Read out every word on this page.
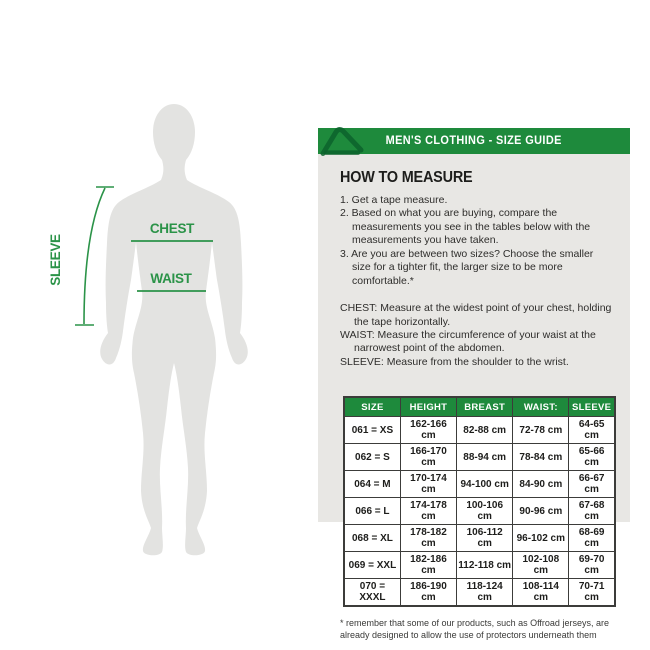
SLEEVE
CHEST
WAIST
MEN'S CLOTHING - SIZE GUIDE
HOW TO MEASURE
1. Get a tape measure.
2. Based on what you are buying, compare the measurements you see in the tables below with the measurements you have taken.
3. Are you are between two sizes? Choose the smaller size for a tighter fit, the larger size to be more comfortable.*
CHEST: Measure at the widest point of your chest, holding the tape horizontally.
WAIST: Measure the circumference of your waist at the narrowest point of the abdomen.
SLEEVE: Measure from the shoulder to the wrist.
SIZE	HEIGHT	BREAST	WAIST:	SLEEVE
061 = XS	162-166 cm	82-88 cm	72-78 cm	64-65 cm
062 = S	166-170 cm	88-94 cm	78-84 cm	65-66 cm
064 = M	170-174 cm	94-100 cm	84-90 cm	66-67 cm
066 = L	174-178 cm	100-106 cm	90-96 cm	67-68 cm
068 = XL	178-182 cm	106-112 cm	96-102 cm	68-69 cm
069 = XXL	182-186 cm	112-118 cm	102-108 cm	69-70 cm
070 = XXXL	186-190 cm	118-124 cm	108-114 cm	70-71 cm
* remember that some of our products, such as Offroad jerseys, are already designed to allow the use of protectors underneath them
